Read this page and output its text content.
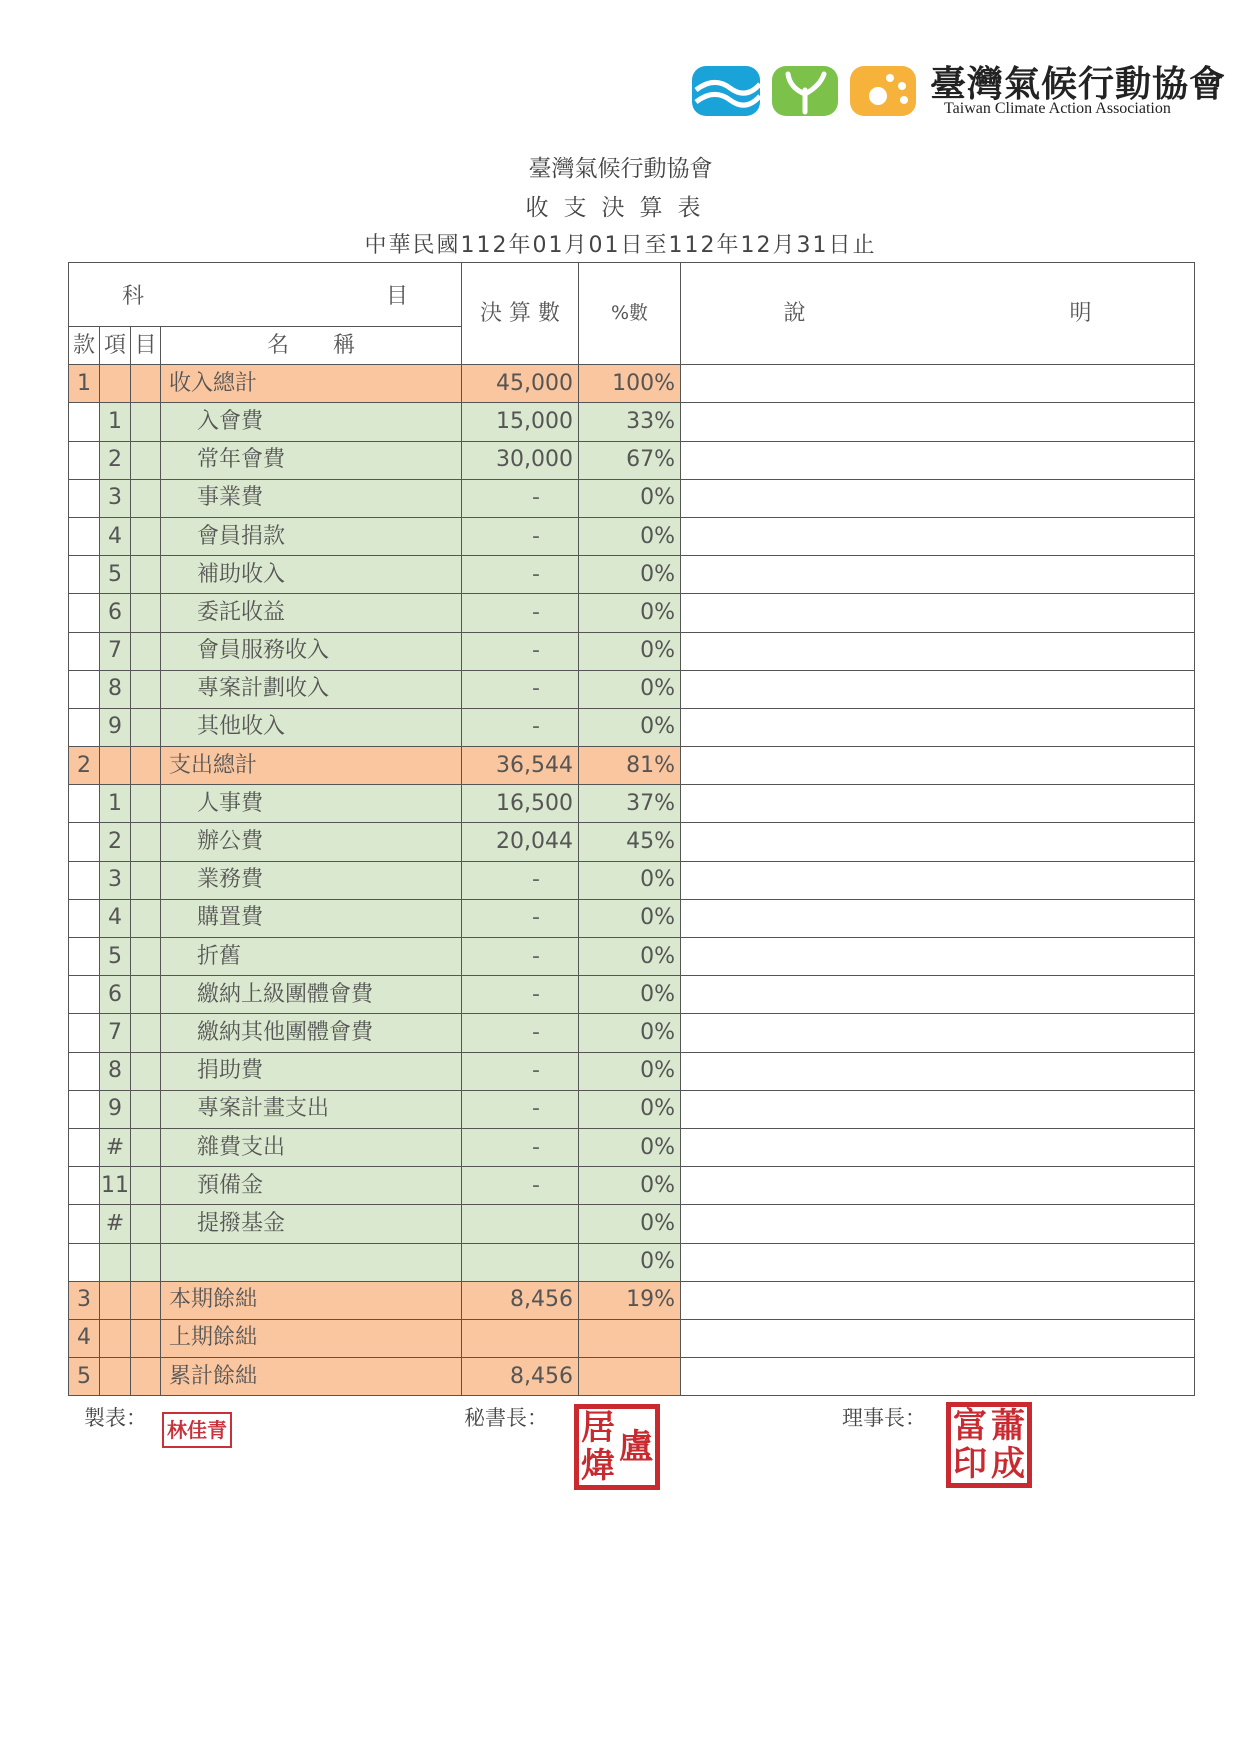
臺灣氣候行動協會
Taiwan Climate Action Association
臺灣氣候行動協會
收支決算表
中華民國112年01月01日至112年12月31日止
科　　　　　　　　　　　目				決 算 數	%數	說　　　　　　　　　　　　明
款	項	目	名　　稱			
1			收入總計	45,000	100%	
	1		入會費	15,000	33%	
	2		常年會費	30,000	67%	
	3		事業費	-	0%	
	4		會員捐款	-	0%	
	5		補助收入	-	0%	
	6		委託收益	-	0%	
	7		會員服務收入	-	0%	
	8		專案計劃收入	-	0%	
	9		其他收入	-	0%	
2			支出總計	36,544	81%	
	1		人事費	16,500	37%	
	2		辦公費	20,044	45%	
	3		業務費	-	0%	
	4		購置費	-	0%	
	5		折舊	-	0%	
	6		繳納上級團體會費	-	0%	
	7		繳納其他團體會費	-	0%	
	8		捐助費	-	0%	
	9		專案計畫支出	-	0%	
	#		雜費支出	-	0%	
	11		預備金	-	0%	
	#		提撥基金		0%	
					0%	
3			本期餘絀	8,456	19%	
4			上期餘絀			
5			累計餘絀	8,456		
製表： 林佳青	秘書長： 居 盧
煒
理事長： 富 蕭
印 成
